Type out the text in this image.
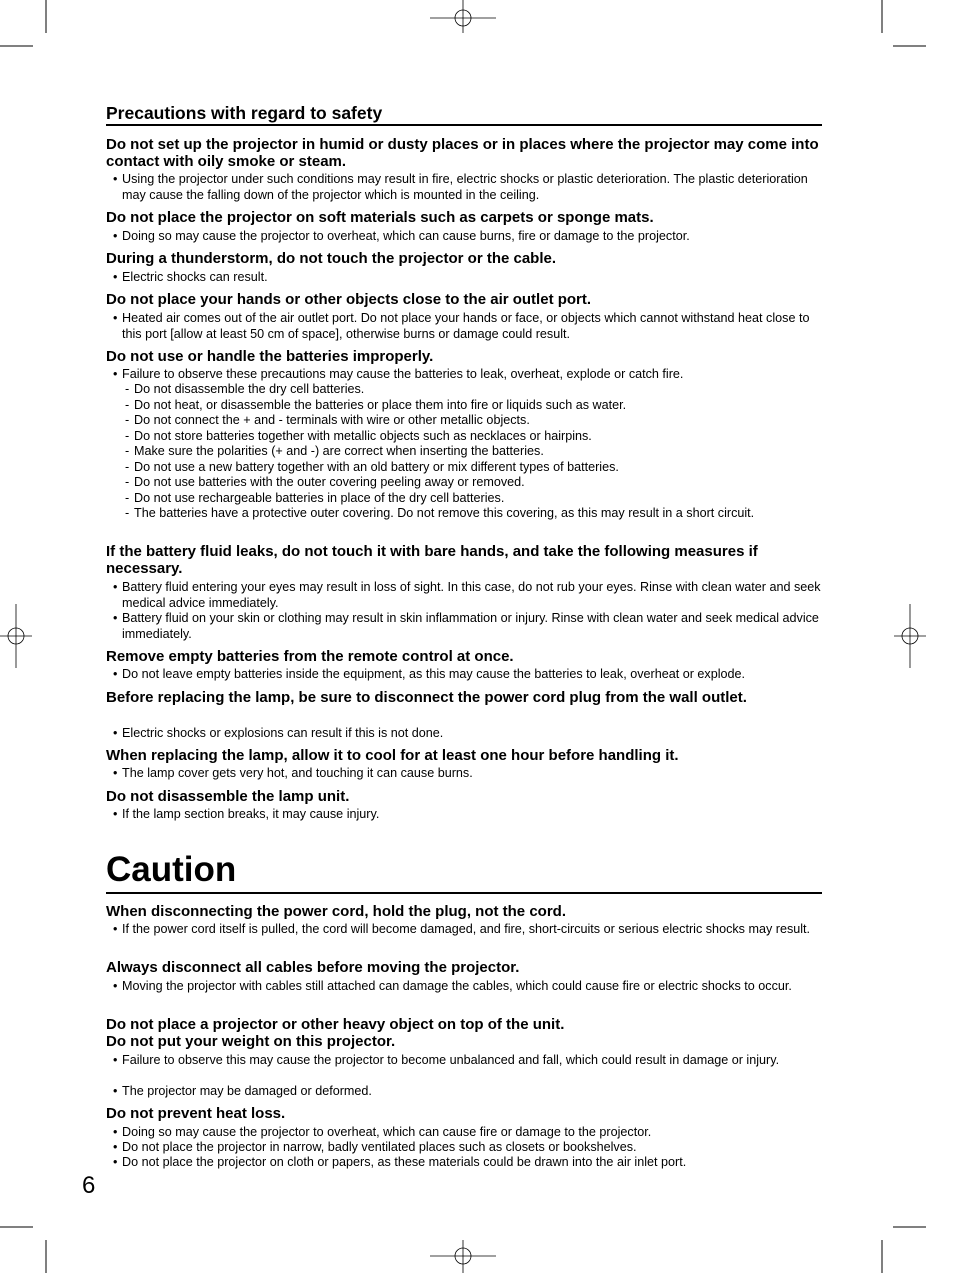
Precautions with regard to safety
Do not set up the projector in humid or dusty places or in places where the projector may come into contact with oily smoke or steam.
• Using the projector under such conditions may result in fire, electric shocks or plastic deterioration. The plastic deterioration may cause the falling down of the projector which is mounted in the ceiling.
Do not place the projector on soft materials such as carpets or sponge mats.
• Doing so may cause the projector to overheat, which can cause burns, fire or damage to the projector.
During a thunderstorm, do not touch the projector or the cable.
• Electric shocks can result.
Do not place your hands or other objects close to the air outlet port.
• Heated air comes out of the air outlet port. Do not place your hands or face, or objects which cannot withstand heat close to this port [allow at least 50 cm of space], otherwise burns or damage could result.
Do not use or handle the batteries improperly.
• Failure to observe these precautions may cause the batteries to leak, overheat, explode or catch fire.
- Do not disassemble the dry cell batteries.
- Do not heat, or disassemble the batteries or place them into fire or liquids such as water.
- Do not connect the + and - terminals with wire or other metallic objects.
- Do not store batteries together with metallic objects such as necklaces or hairpins.
- Make sure the polarities (+ and -) are correct when inserting the batteries.
- Do not use a new battery together with an old battery or mix different types of batteries.
- Do not use batteries with the outer covering peeling away or removed.
- Do not use rechargeable batteries in place of the dry cell batteries.
- The batteries have a protective outer covering. Do not remove this covering, as this may result in a short circuit.
If the battery fluid leaks, do not touch it with bare hands, and take the following measures if necessary.
• Battery fluid entering your eyes may result in loss of sight. In this case, do not rub your eyes. Rinse with clean water and seek medical advice immediately.
• Battery fluid on your skin or clothing may result in skin inflammation or injury. Rinse with clean water and seek medical advice immediately.
Remove empty batteries from the remote control at once.
• Do not leave empty batteries inside the equipment, as this may cause the batteries to leak, overheat or explode.
Before replacing the lamp, be sure to disconnect the power cord plug from the wall outlet.
• Electric shocks or explosions can result if this is not done.
When replacing the lamp, allow it to cool for at least one hour before handling it.
• The lamp cover gets very hot, and touching it can cause burns.
Do not disassemble the lamp unit.
• If the lamp section breaks, it may cause injury.
Caution
When disconnecting the power cord, hold the plug, not the cord.
• If the power cord itself is pulled, the cord will become damaged, and fire, short-circuits or serious electric shocks may result.
Always disconnect all cables before moving the projector.
• Moving the projector with cables still attached can damage the cables, which could cause fire or electric shocks to occur.
Do not place a projector or other heavy object on top of the unit.
Do not put your weight on this projector.
• Failure to observe this may cause the projector to become unbalanced and fall, which could result in damage or injury.
• The projector may be damaged or deformed.
Do not prevent heat loss.
• Doing so may cause the projector to overheat, which can cause fire or damage to the projector.
• Do not place the projector in narrow, badly ventilated places such as closets or bookshelves.
• Do not place the projector on cloth or papers, as these materials could be drawn into the air inlet port.
6
